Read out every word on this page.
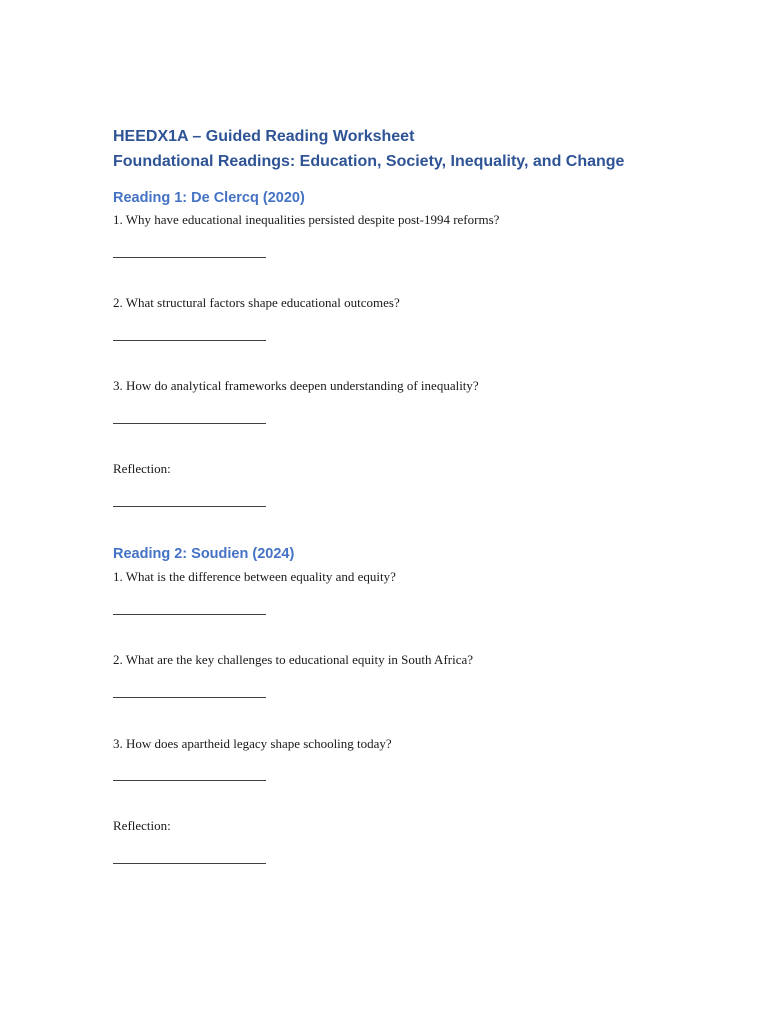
HEEDX1A – Guided Reading Worksheet
Foundational Readings: Education, Society, Inequality, and Change
Reading 1: De Clercq (2020)
1. Why have educational inequalities persisted despite post-1994 reforms?
2. What structural factors shape educational outcomes?
3. How do analytical frameworks deepen understanding of inequality?
Reflection:
Reading 2: Soudien (2024)
1. What is the difference between equality and equity?
2. What are the key challenges to educational equity in South Africa?
3. How does apartheid legacy shape schooling today?
Reflection:
